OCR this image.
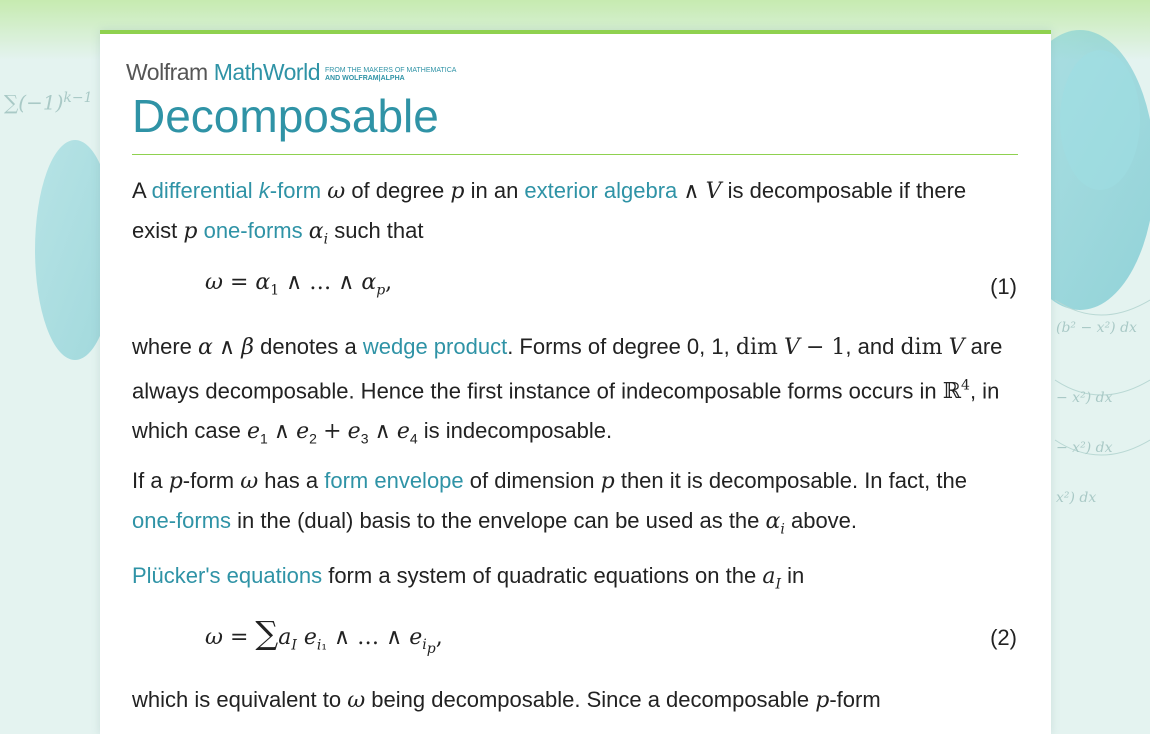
$\sum(-1)^{k-1}$
(b² − x²) dx
− x²) dx
− x²) dx
x²) dx
Wolfram MathWorld FROM THE MAKERS OF MATHEMATICA
AND WOLFRAM|ALPHA
Decomposable

A differential k-form ω of degree p in an exterior algebra ∧ V is decomposable if there exist p one-forms $\alpha_i$ such that

$\omega = \alpha_1$ ∧ … ∧ $\alpha_p$,	(1)

where α ∧ β denotes a wedge product. Forms of degree 0, 1, dim V − 1, and dim V are always decomposable. Hence the first instance of indecomposable forms occurs in ℝ$^4$, in which case $e_1$ ∧ $e_2 + e_3$ ∧ $e_4$ is indecomposable.

If a p-form ω has a form envelope of dimension p then it is decomposable. In fact, the one-forms in the (dual) basis to the envelope can be used as the $\alpha_i$ above.

Plücker's equations form a system of quadratic equations on the $a_I$ in

$\omega = \sum a_I$ $e_{i_1}$ ∧ … ∧ $e_{i_p}$,	(2)

which is equivalent to ω being decomposable. Since a decomposable p-form
